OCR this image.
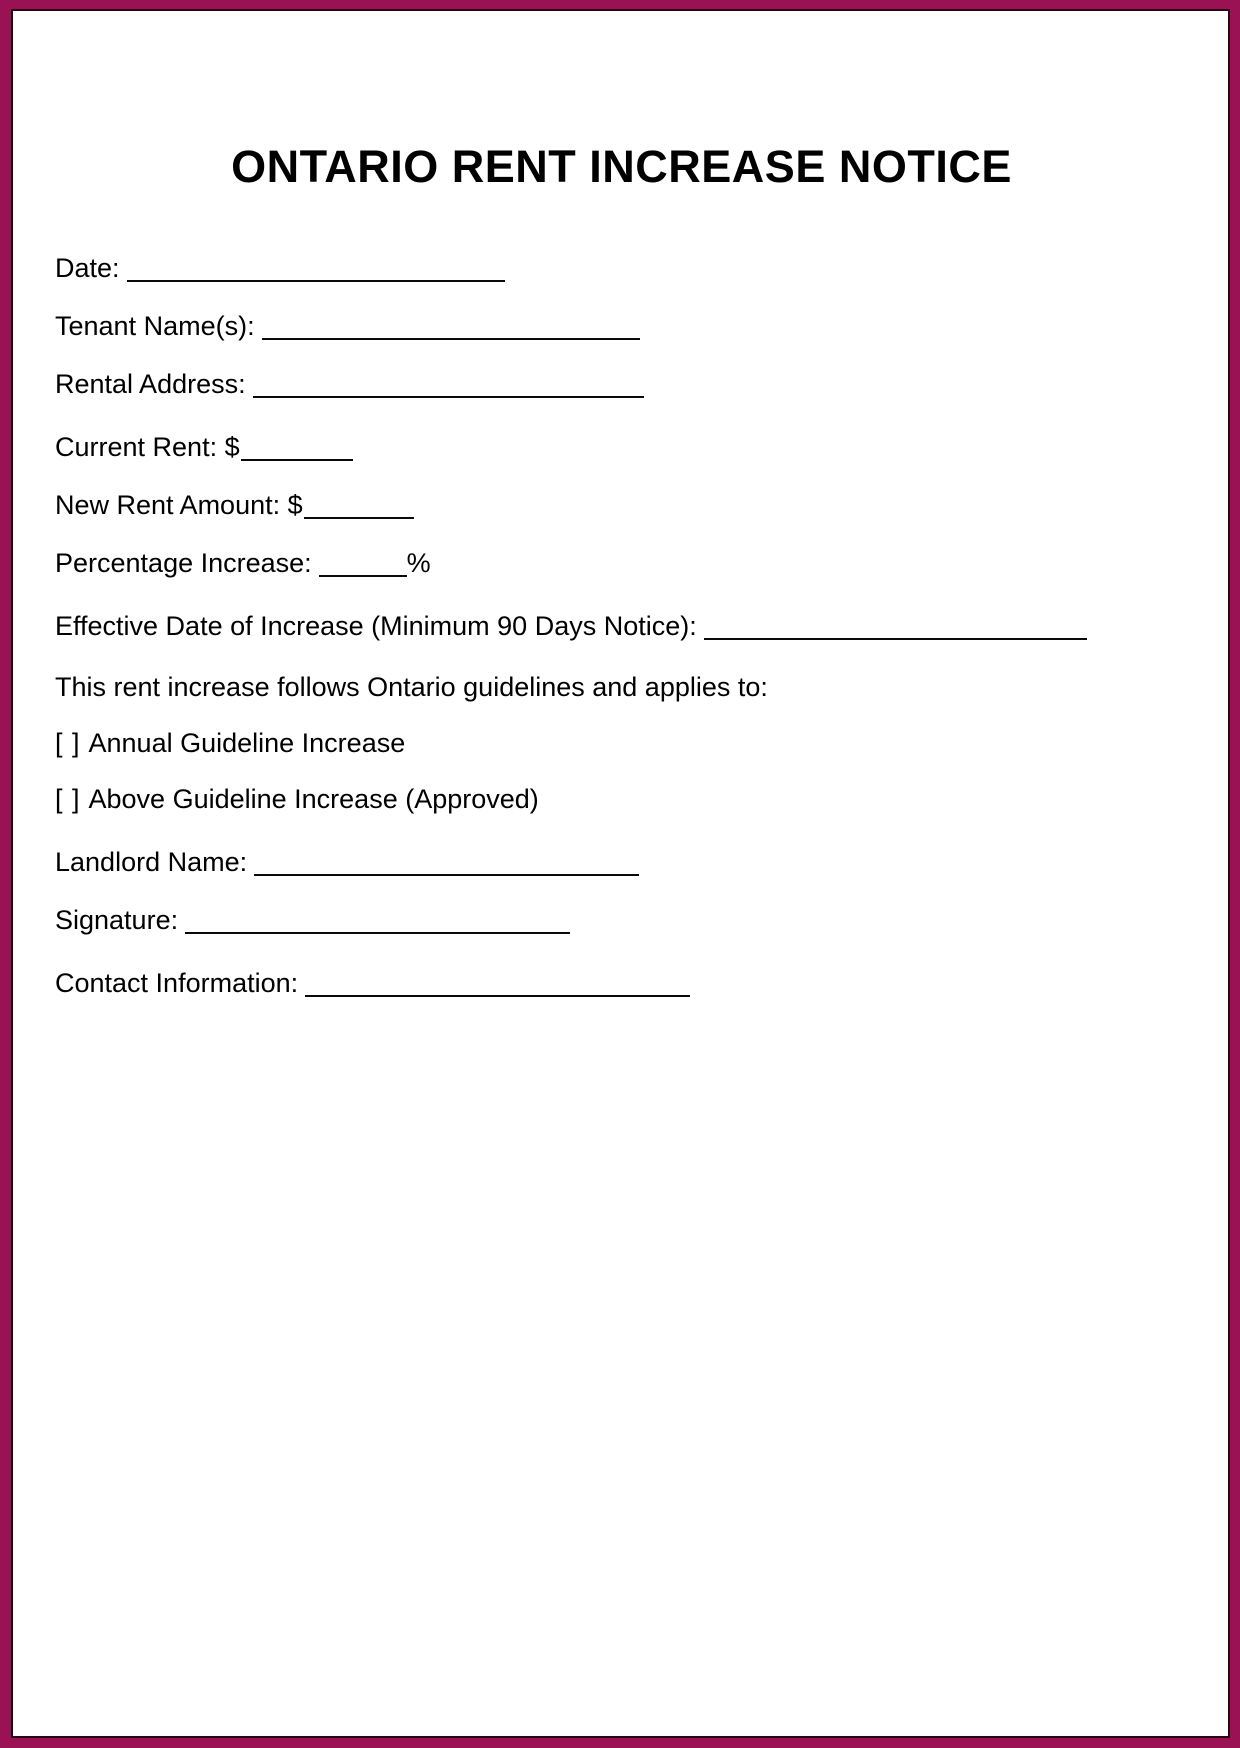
ONTARIO RENT INCREASE NOTICE
Date:
Tenant Name(s):
Rental Address:
Current Rent: $
New Rent Amount: $
Percentage Increase:	%
Effective Date of Increase (Minimum 90 Days Notice):
This rent increase follows Ontario guidelines and applies to:
[ ] Annual Guideline Increase
[ ] Above Guideline Increase (Approved)
Landlord Name:
Signature:
Contact Information:
